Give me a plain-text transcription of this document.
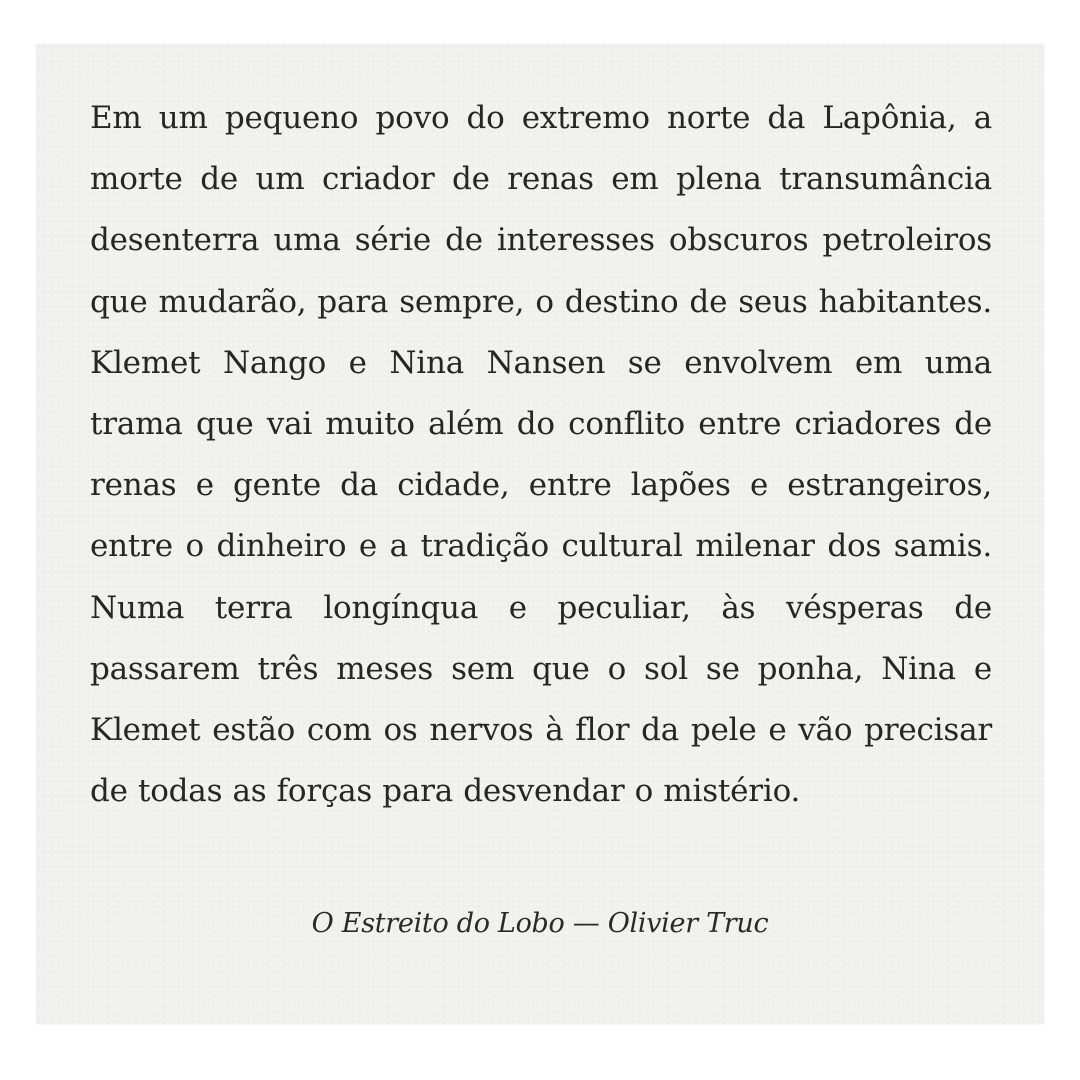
Em um pequeno povo do extremo norte da Lapônia, a morte de um criador de renas em plena transumância desenterra uma série de interesses obscuros petroleiros que mudarão, para sempre, o destino de seus habitantes. Klemet Nango e Nina Nansen se envolvem em uma trama que vai muito além do conflito entre criadores de renas e gente da cidade, entre lapões e estrangeiros, entre o dinheiro e a tradição cultural milenar dos samis. Numa terra longínqua e peculiar, às vésperas de passarem três meses sem que o sol se ponha, Nina e Klemet estão com os nervos à flor da pele e vão precisar de todas as forças para desvendar o mistério.

O Estreito do Lobo — Olivier Truc
